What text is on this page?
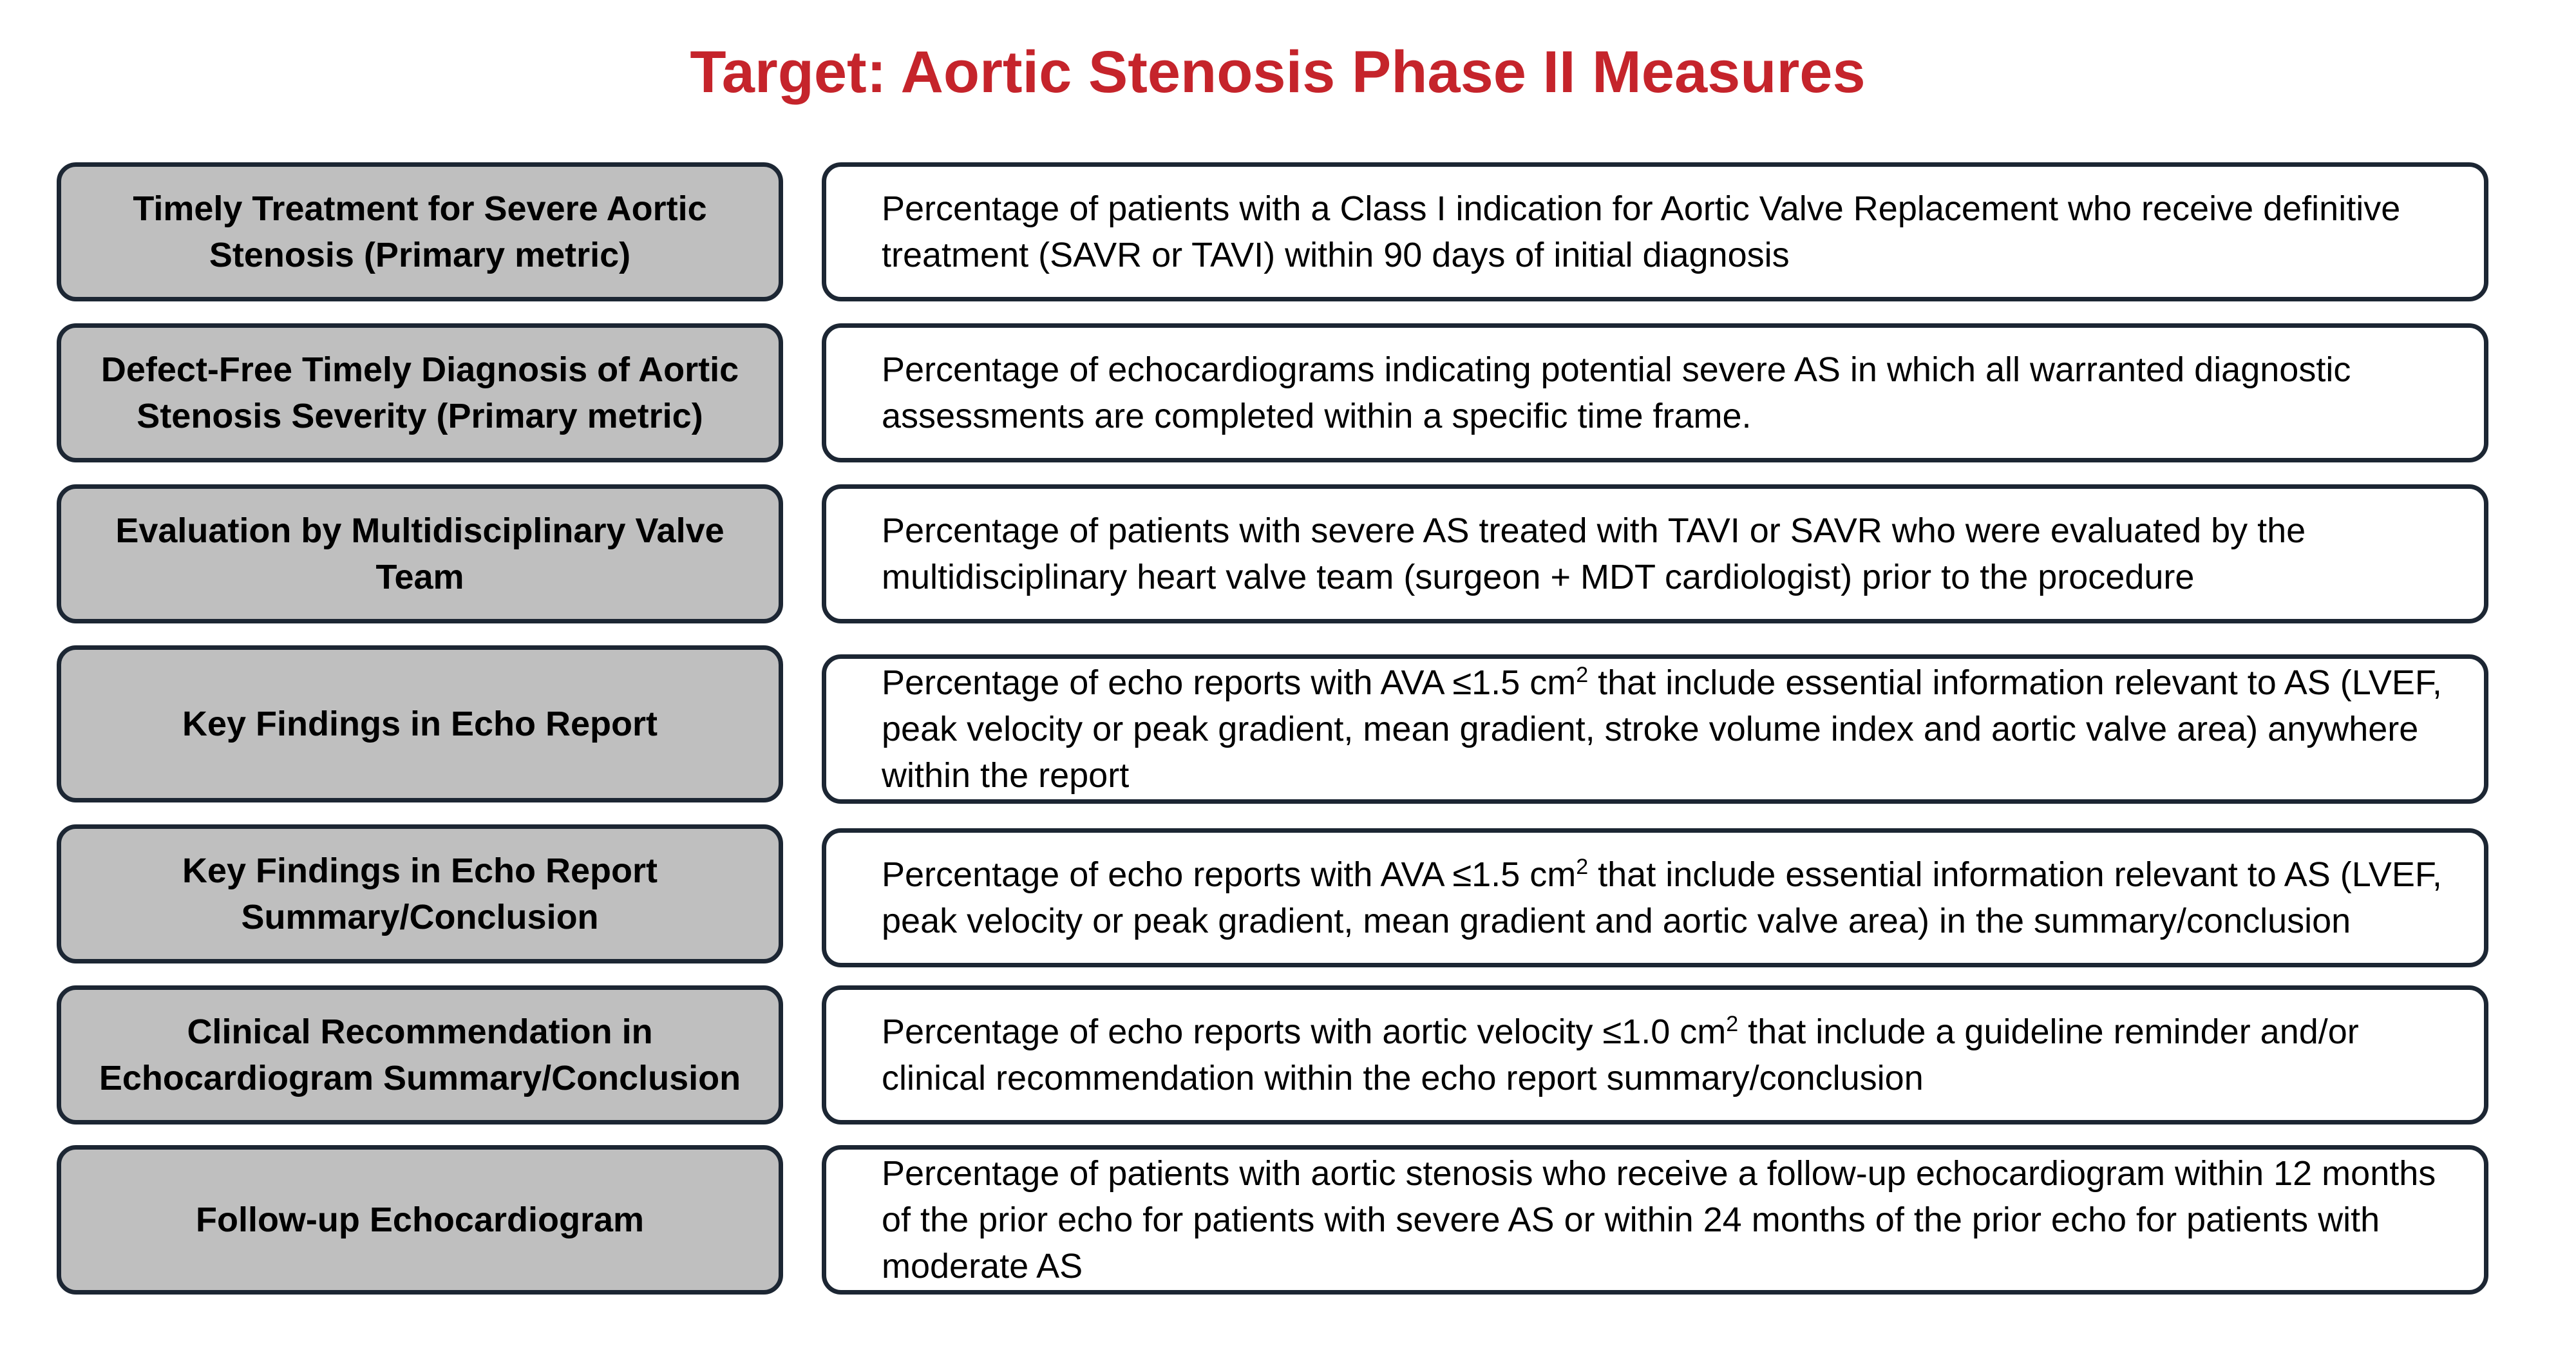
Target: Aortic Stenosis Phase II Measures
Timely Treatment for Severe Aortic Stenosis (Primary metric)
Percentage of patients with a Class I indication for Aortic Valve Replacement who receive definitive treatment (SAVR or TAVI) within 90 days of initial diagnosis
Defect-Free Timely Diagnosis of Aortic Stenosis Severity (Primary metric)
Percentage of echocardiograms indicating potential severe AS in which all warranted diagnostic assessments are completed within a specific time frame.
Evaluation by Multidisciplinary Valve Team
Percentage of patients with severe AS treated with TAVI or SAVR who were evaluated by the multidisciplinary heart valve team (surgeon + MDT cardiologist) prior to the procedure
Key Findings in Echo Report
Percentage of echo reports with AVA ≤1.5 $cm^2$ that include essential information relevant to AS (LVEF, peak velocity or peak gradient, mean gradient, stroke volume index and aortic valve area) anywhere within the report
Key Findings in Echo Report Summary/Conclusion
Percentage of echo reports with AVA ≤1.5 $cm^2$ that include essential information relevant to AS (LVEF, peak velocity or peak gradient, mean gradient and aortic valve area) in the summary/conclusion
Clinical Recommendation in Echocardiogram Summary/Conclusion
Percentage of echo reports with aortic velocity ≤1.0 $cm^2$ that include a guideline reminder and/or clinical recommendation within the echo report summary/conclusion
Follow-up Echocardiogram
Percentage of patients with aortic stenosis who receive a follow-up echocardiogram within 12 months of the prior echo for patients with severe AS or within 24 months of the prior echo for patients with moderate AS
